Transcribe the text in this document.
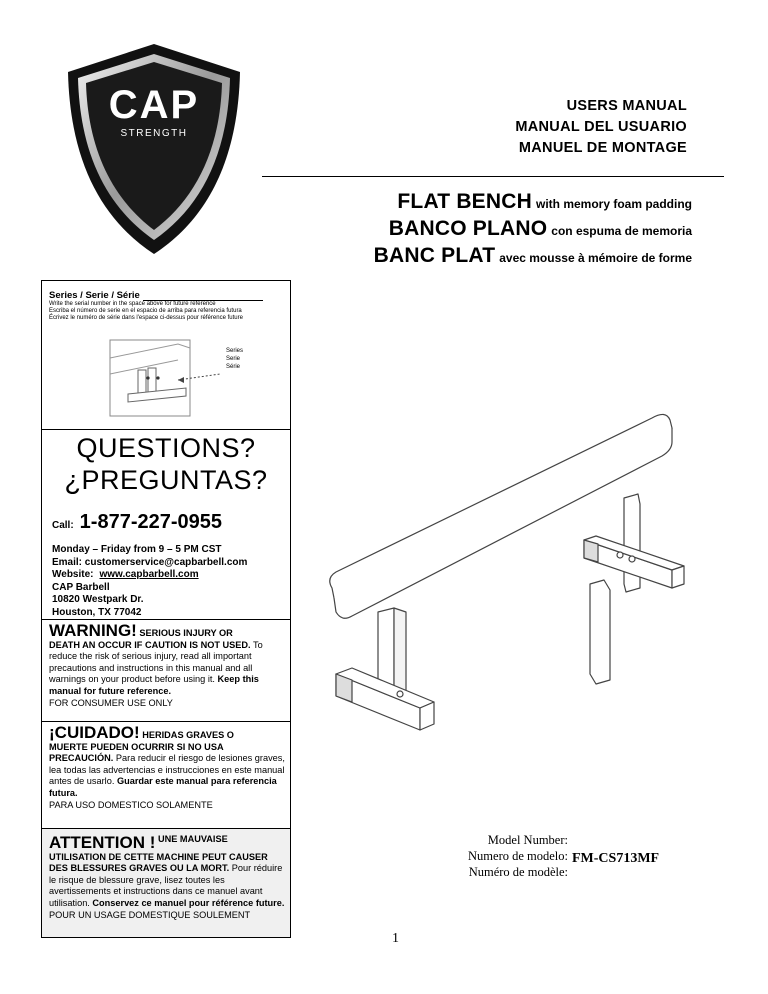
CAP
STRENGTH
USERS MANUAL
MANUAL DEL USUARIO
MANUEL DE MONTAGE
FLAT BENCH with memory foam padding
BANCO PLANO con espuma de memoria
BANC PLAT avec mousse à mémoire de forme
Series / Serie / Série
Write the serial number in the space above for future reference
Escriba el número de serie en el espacio de arriba para referencia futura
Écrivez le numéro de série dans l'espace ci-dessus pour référence future
Series
Serie
Série
QUESTIONS?
¿PREGUNTAS?
Call: 1-877-227-0955
Monday – Friday from 9 – 5 PM CST
Email: customerservice@capbarbell.com
Website: www.capbarbell.com
CAP Barbell
10820 Westpark Dr.
Houston, TX 77042
WARNING! SERIOUS INJURY OR
DEATH AN OCCUR IF CAUTION IS NOT USED. To reduce the risk of serious injury, read all important precautions and instructions in this manual and all warnings on your product before using it. Keep this manual for future reference.
FOR CONSUMER USE ONLY
¡CUIDADO! HERIDAS GRAVES O
MUERTE PUEDEN OCURRIR SI NO USA PRECAUCIÓN. Para reducir el riesgo de lesiones graves, lea todas las advertencias e instrucciones en este manual antes de usarlo. Guardar este manual para referencia futura.
PARA USO DOMESTICO SOLAMENTE
ATTENTION ! UNE MAUVAISE
UTILISATION DE CETTE MACHINE PEUT CAUSER DES BLESSURES GRAVES OU LA MORT. Pour réduire le risque de blessure grave, lisez toutes les avertissements et instructions dans ce manuel avant utilisation. Conservez ce manuel pour référence future. POUR UN USAGE DOMESTIQUE SOULEMENT
Model Number:
Numero de modelo:
Numéro de modèle:
FM-CS713MF
1
